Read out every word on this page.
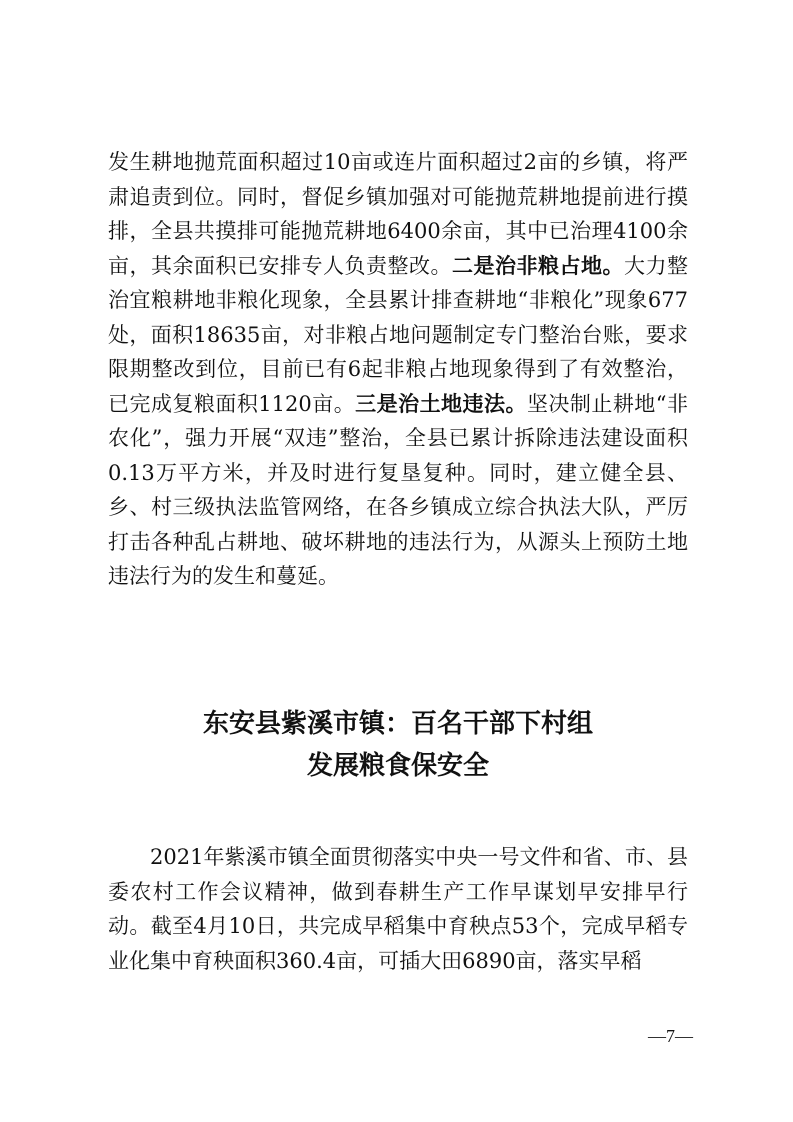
发生耕地抛荒面积超过10亩或连片面积超过2亩的乡镇，将严肃追责到位。同时，督促乡镇加强对可能抛荒耕地提前进行摸排，全县共摸排可能抛荒耕地6400余亩，其中已治理4100余亩，其余面积已安排专人负责整改。二是治非粮占地。大力整治宜粮耕地非粮化现象，全县累计排查耕地“非粮化”现象677处，面积18635亩，对非粮占地问题制定专门整治台账，要求限期整改到位，目前已有6起非粮占地现象得到了有效整治，已完成复粮面积1120亩。三是治土地违法。坚决制止耕地“非农化”，强力开展“双违”整治，全县已累计拆除违法建设面积0.13万平方米，并及时进行复垦复种。同时，建立健全县、乡、村三级执法监管网络，在各乡镇成立综合执法大队，严厉打击各种乱占耕地、破坏耕地的违法行为，从源头上预防土地违法行为的发生和蔓延。

东安县紫溪市镇：百名干部下村组
发展粮食保安全

2021年紫溪市镇全面贯彻落实中央一号文件和省、市、县委农村工作会议精神，做到春耕生产工作早谋划早安排早行动。截至4月10日，共完成早稻集中育秧点53个，完成早稻专业化集中育秧面积360.4亩，可插大田6890亩，落实早稻

—7—
